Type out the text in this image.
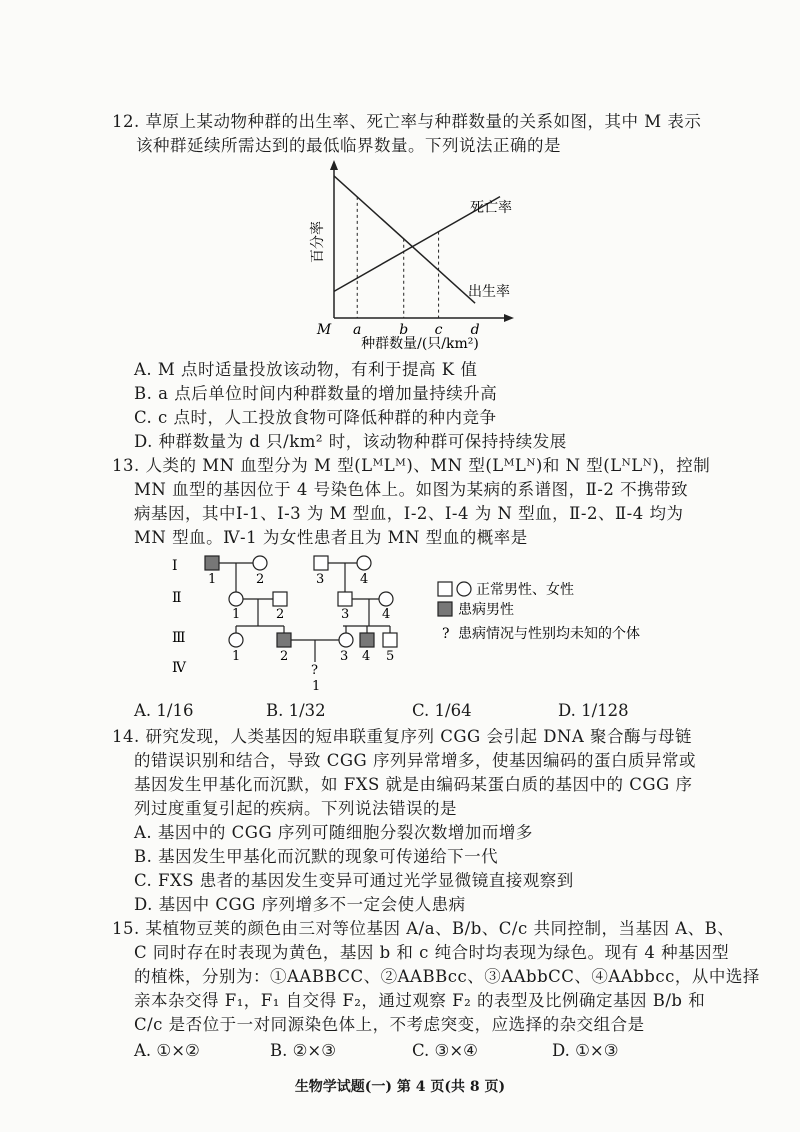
12. 草原上某动物种群的出生率、死亡率与种群数量的关系如图，其中 M 表示
该种群延续所需达到的最低临界数量。下列说法正确的是
M a	b c d
百分率
种群数量/(只/km²)
死亡率
出生率
A. M 点时适量投放该动物，有利于提高 K 值
B. a 点后单位时间内种群数量的增加量持续升高
C. c 点时，人工投放食物可降低种群的种内竞争
D. 种群数量为 d 只/km² 时，该动物种群可保持持续发展
13. 人类的 MN 血型分为 M 型(LᴹLᴹ)、MN 型(LᴹLᴺ)和 N 型(LᴺLᴺ)，控制
MN 血型的基因位于 4 号染色体上。如图为某病的系谱图，Ⅱ-2 不携带致
病基因，其中Ⅰ-1、Ⅰ-3 为 M 型血，Ⅰ-2、Ⅰ-4 为 N 型血，Ⅱ-2、Ⅱ-4 均为
MN 型血。Ⅳ-1 为女性患者且为 MN 型血的概率是
Ⅰ
Ⅱ
Ⅲ
Ⅳ
1	2	3	4
1	2	3	4
1	2	3 4 5
?
1
正常男性、女性
患病男性
? 患病情况与性别均未知的个体
A. 1/16	B. 1/32	C. 1/64	D. 1/128
14. 研究发现，人类基因的短串联重复序列 CGG 会引起 DNA 聚合酶与母链
的错误识别和结合，导致 CGG 序列异常增多，使基因编码的蛋白质异常或
基因发生甲基化而沉默，如 FXS 就是由编码某蛋白质的基因中的 CGG 序
列过度重复引起的疾病。下列说法错误的是
A. 基因中的 CGG 序列可随细胞分裂次数增加而增多
B. 基因发生甲基化而沉默的现象可传递给下一代
C. FXS 患者的基因发生变异可通过光学显微镜直接观察到
D. 基因中 CGG 序列增多不一定会使人患病
15. 某植物豆荚的颜色由三对等位基因 A/a、B/b、C/c 共同控制，当基因 A、B、
C 同时存在时表现为黄色，基因 b 和 c 纯合时均表现为绿色。现有 4 种基因型
的植株，分别为：①AABBCC、②AABBcc、③AAbbCC、④AAbbcc，从中选择
亲本杂交得 F₁，F₁ 自交得 F₂，通过观察 F₂ 的表型及比例确定基因 B/b 和
C/c 是否位于一对同源染色体上，不考虑突变，应选择的杂交组合是
A. ①×②	B. ②×③	C. ③×④	D. ①×③
生物学试题(一) 第 4 页(共 8 页)
